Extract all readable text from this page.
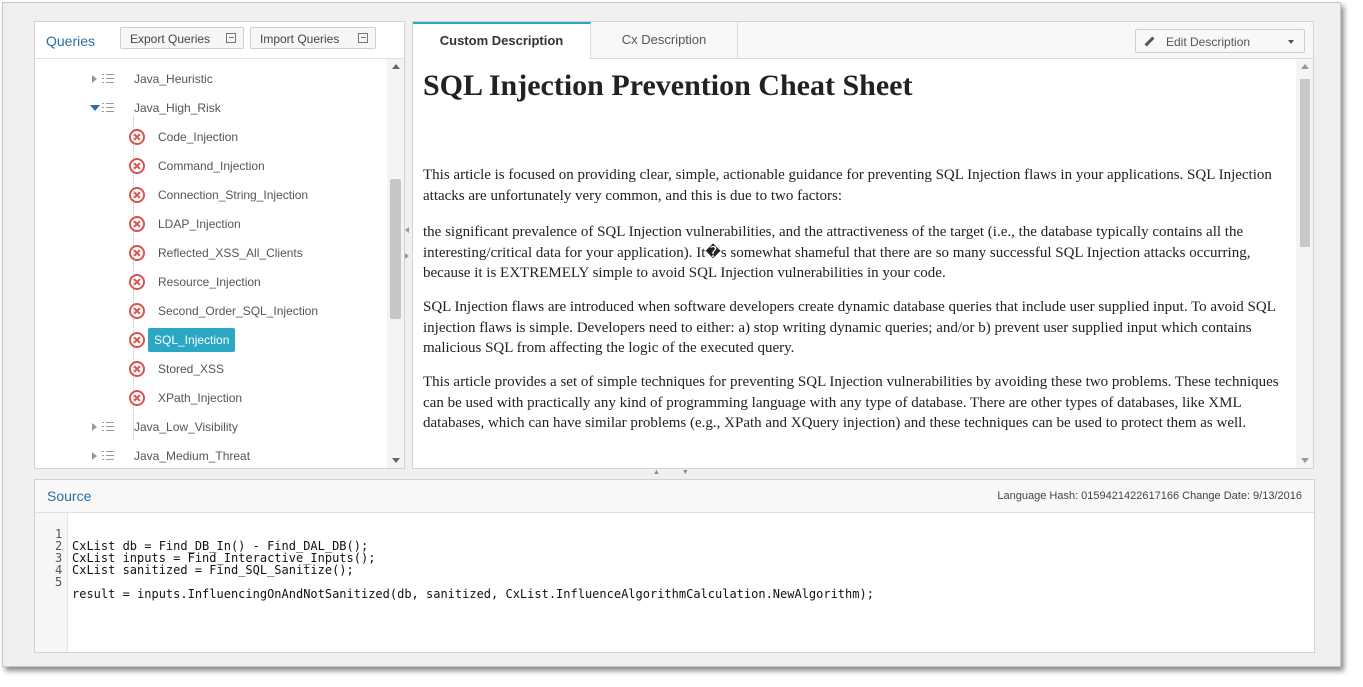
Queries	Export Queries	Import Queries
Java_Heuristic
Java_High_Risk
Code_Injection
Command_Injection
Connection_String_Injection
LDAP_Injection
Reflected_XSS_All_Clients
Resource_Injection
Second_Order_SQL_Injection
SQL_Injection
Stored_XSS
XPath_Injection
Java_Low_Visibility
Java_Medium_Threat
Custom Description	Cx Description	Edit Description
SQL Injection Prevention Cheat Sheet

This article is focused on providing clear, simple, actionable guidance for preventing SQL Injection flaws in your applications. SQL Injection attacks are unfortunately very common, and this is due to two factors:

the significant prevalence of SQL Injection vulnerabilities, and the attractiveness of the target (i.e., the database typically contains all the interesting/critical data for your application). It�s somewhat shameful that there are so many successful SQL Injection attacks occurring, because it is EXTREMELY simple to avoid SQL Injection vulnerabilities in your code.

SQL Injection flaws are introduced when software developers create dynamic database queries that include user supplied input. To avoid SQL injection flaws is simple. Developers need to either: a) stop writing dynamic queries; and/or b) prevent user supplied input which contains malicious SQL from affecting the logic of the executed query.

This article provides a set of simple techniques for preventing SQL Injection vulnerabilities by avoiding these two problems. These techniques can be used with practically any kind of programming language with any type of database. There are other types of databases, like XML databases, which can have similar problems (e.g., XPath and XQuery injection) and these techniques can be used to protect them as well.

▲▼
Source	Language Hash: 0159421422617166 Change Date: 9/13/2016

1

CxList db = Find_DB_In() - Find_DAL_DB();

2

CxList inputs = Find_Interactive_Inputs();

3

CxList sanitized = Find_SQL_Sanitize();

4

5

result = inputs.InfluencingOnAndNotSanitized(db, sanitized, CxList.InfluenceAlgorithmCalculation.NewAlgorithm);
